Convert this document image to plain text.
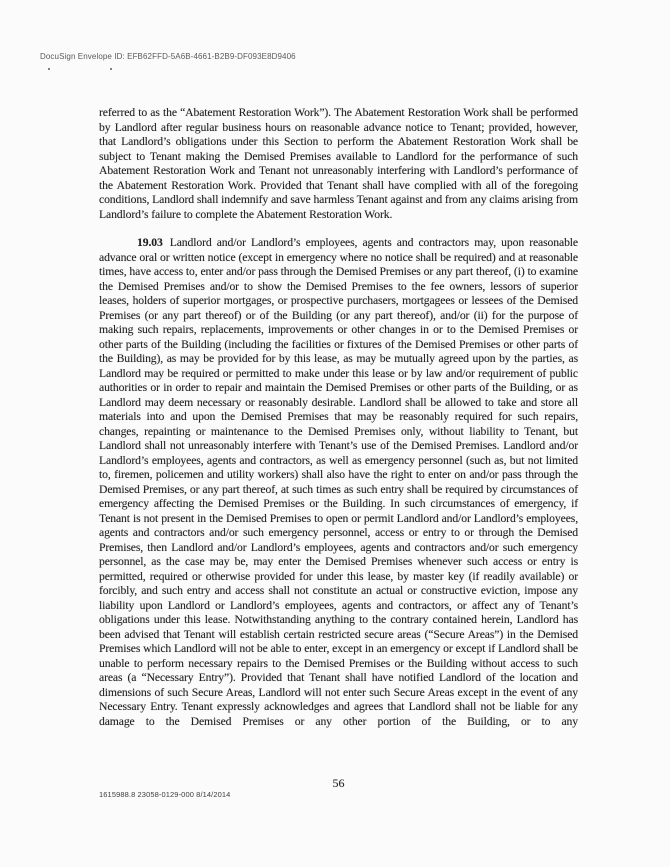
DocuSign Envelope ID: EFB62FFD-5A6B-4661-B2B9-DF093E8D9406

referred to as the “Abatement Restoration Work”). The Abatement Restoration Work shall be performed by Landlord after regular business hours on reasonable advance notice to Tenant; provided, however, that Landlord’s obligations under this Section to perform the Abatement Restoration Work shall be subject to Tenant making the Demised Premises available to Landlord for the performance of such Abatement Restoration Work and Tenant not unreasonably interfering with Landlord’s performance of the Abatement Restoration Work. Provided that Tenant shall have complied with all of the foregoing conditions, Landlord shall indemnify and save harmless Tenant against and from any claims arising from Landlord’s failure to complete the Abatement Restoration Work.

19.03 Landlord and/or Landlord’s employees, agents and contractors may, upon reasonable advance oral or written notice (except in emergency where no notice shall be required) and at reasonable times, have access to, enter and/or pass through the Demised Premises or any part thereof, (i) to examine the Demised Premises and/or to show the Demised Premises to the fee owners, lessors of superior leases, holders of superior mortgages, or prospective purchasers, mortgagees or lessees of the Demised Premises (or any part thereof) or of the Building (or any part thereof), and/or (ii) for the purpose of making such repairs, replacements, improvements or other changes in or to the Demised Premises or other parts of the Building (including the facilities or fixtures of the Demised Premises or other parts of the Building), as may be provided for by this lease, as may be mutually agreed upon by the parties, as Landlord may be required or permitted to make under this lease or by law and/or requirement of public authorities or in order to repair and maintain the Demised Premises or other parts of the Building, or as Landlord may deem necessary or reasonably desirable. Landlord shall be allowed to take and store all materials into and upon the Demised Premises that may be reasonably required for such repairs, changes, repainting or maintenance to the Demised Premises only, without liability to Tenant, but Landlord shall not unreasonably interfere with Tenant’s use of the Demised Premises. Landlord and/or Landlord’s employees, agents and contractors, as well as emergency personnel (such as, but not limited to, firemen, policemen and utility workers) shall also have the right to enter on and/or pass through the Demised Premises, or any part thereof, at such times as such entry shall be required by circumstances of emergency affecting the Demised Premises or the Building. In such circumstances of emergency, if Tenant is not present in the Demised Premises to open or permit Landlord and/or Landlord’s employees, agents and contractors and/or such emergency personnel, access or entry to or through the Demised Premises, then Landlord and/or Landlord’s employees, agents and contractors and/or such emergency personnel, as the case may be, may enter the Demised Premises whenever such access or entry is permitted, required or otherwise provided for under this lease, by master key (if readily available) or forcibly, and such entry and access shall not constitute an actual or constructive eviction, impose any liability upon Landlord or Landlord’s employees, agents and contractors, or affect any of Tenant’s obligations under this lease. Notwithstanding anything to the contrary contained herein, Landlord has been advised that Tenant will establish certain restricted secure areas (“Secure Areas”) in the Demised Premises which Landlord will not be able to enter, except in an emergency or except if Landlord shall be unable to perform necessary repairs to the Demised Premises or the Building without access to such areas (a “Necessary Entry”). Provided that Tenant shall have notified Landlord of the location and dimensions of such Secure Areas, Landlord will not enter such Secure Areas except in the event of any Necessary Entry. Tenant expressly acknowledges and agrees that Landlord shall not be liable for any damage to the Demised Premises or any other portion of the Building, or to any

56
1615988.8 23058-0129-000 8/14/2014
